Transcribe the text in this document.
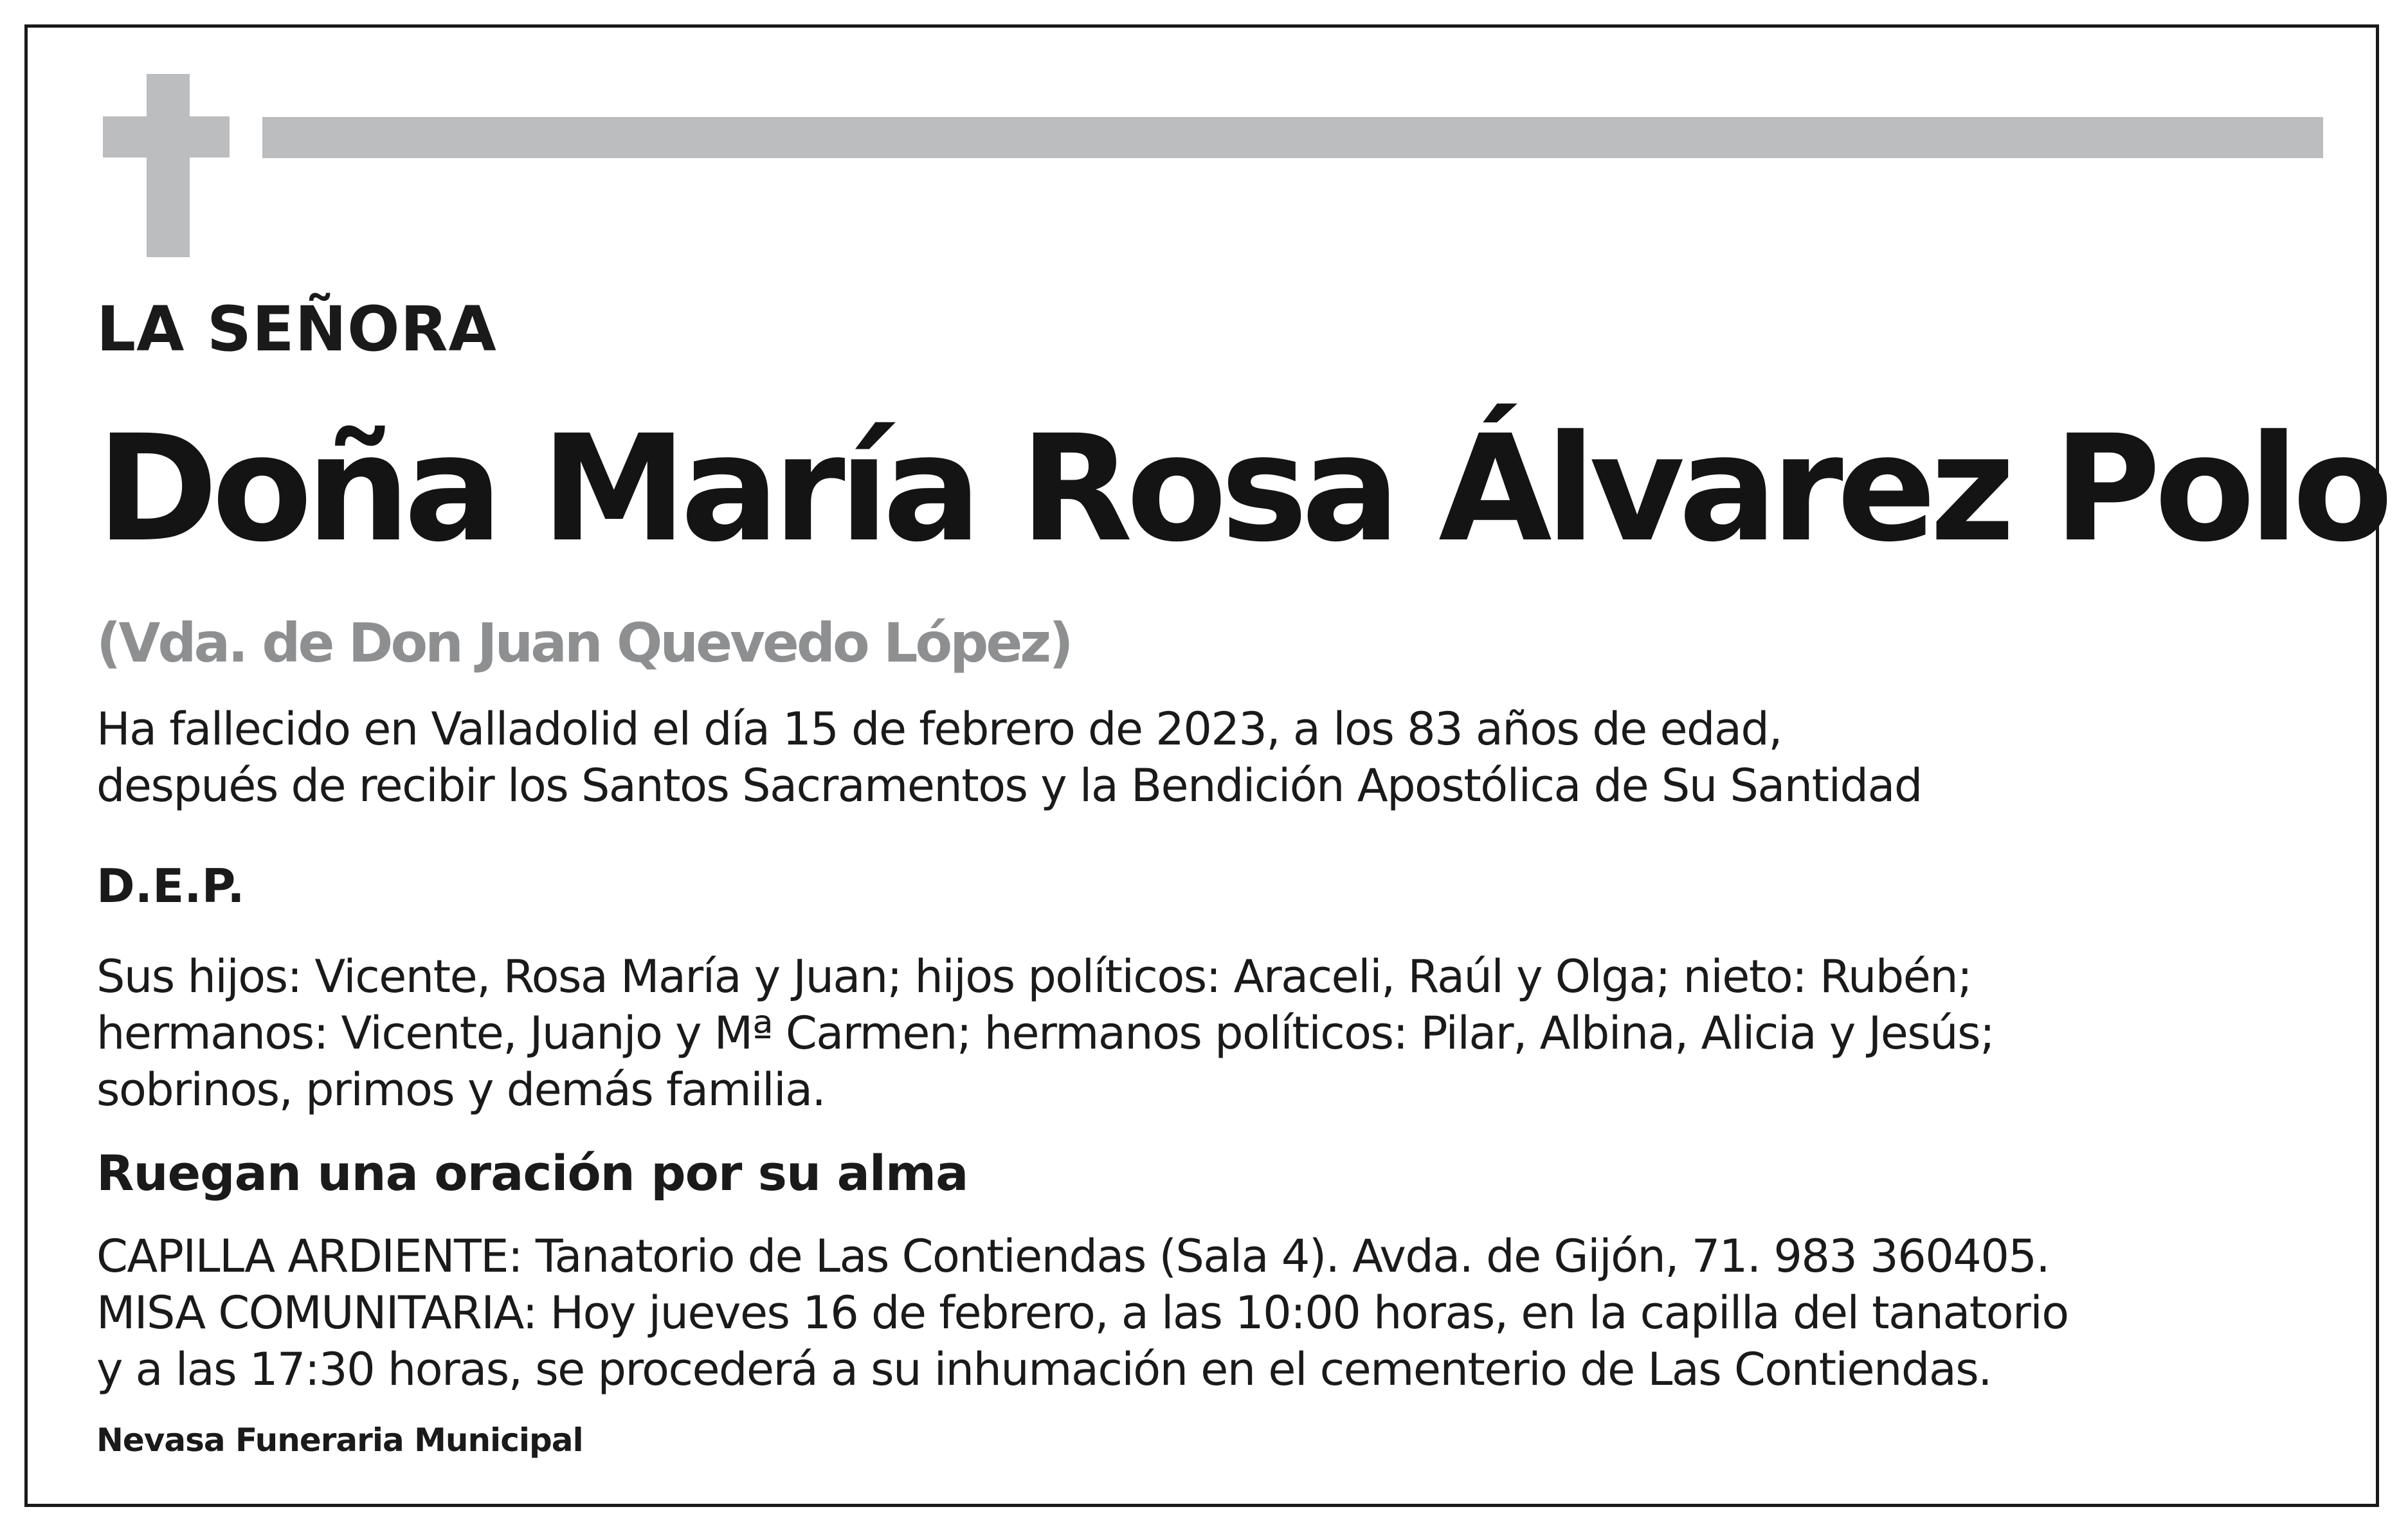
LA SEÑORA
Doña María Rosa Álvarez Polo
(Vda. de Don Juan Quevedo López)
Ha fallecido en Valladolid el día 15 de febrero de 2023, a los 83 años de edad,
después de recibir los Santos Sacramentos y la Bendición Apostólica de Su Santidad
D.E.P.
Sus hijos: Vicente, Rosa María y Juan; hijos políticos: Araceli, Raúl y Olga; nieto: Rubén;
hermanos: Vicente, Juanjo y Mª Carmen; hermanos políticos: Pilar, Albina, Alicia y Jesús;
sobrinos, primos y demás familia.
Ruegan una oración por su alma
CAPILLA ARDIENTE: Tanatorio de Las Contiendas (Sala 4). Avda. de Gijón, 71. 983 360405.
MISA COMUNITARIA: Hoy jueves 16 de febrero, a las 10:00 horas, en la capilla del tanatorio
y a las 17:30 horas, se procederá a su inhumación en el cementerio de Las Contiendas.
Nevasa Funeraria Municipal
